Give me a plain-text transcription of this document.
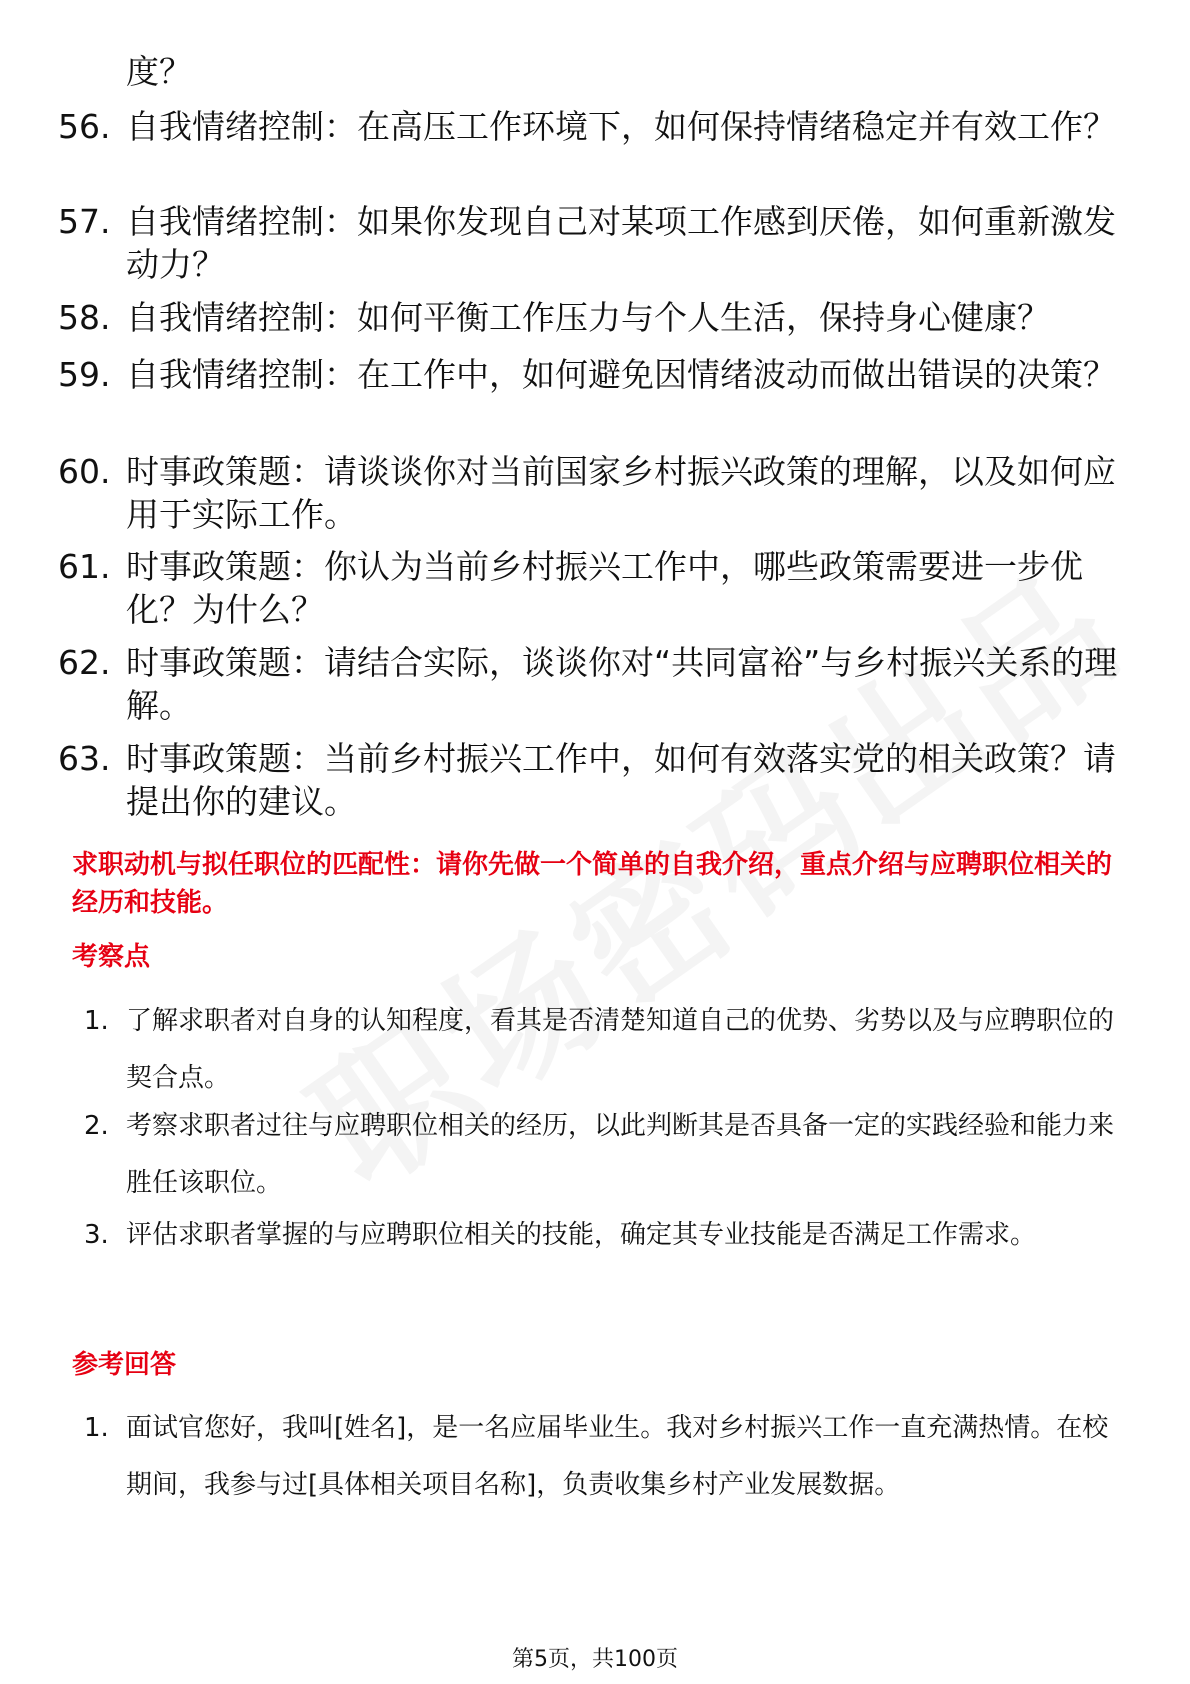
度？
56. 自我情绪控制：在高压工作环境下，如何保持情绪稳定并有效工作？
57. 自我情绪控制：如果你发现自己对某项工作感到厌倦，如何重新激发动力？
58. 自我情绪控制：如何平衡工作压力与个人生活，保持身心健康？
59. 自我情绪控制：在工作中，如何避免因情绪波动而做出错误的决策？
60. 时事政策题：请谈谈你对当前国家乡村振兴政策的理解，以及如何应用于实际工作。
61. 时事政策题：你认为当前乡村振兴工作中，哪些政策需要进一步优化？为什么？
62. 时事政策题：请结合实际，谈谈你对“共同富裕”与乡村振兴关系的理解。
63. 时事政策题：当前乡村振兴工作中，如何有效落实党的相关政策？请提出你的建议。
求职动机与拟任职位的匹配性：请你先做一个简单的自我介绍，重点介绍与应聘职位相关的经历和技能。
考察点
1. 了解求职者对自身的认知程度，看其是否清楚知道自己的优势、劣势以及与应聘职位的契合点。
2. 考察求职者过往与应聘职位相关的经历，以此判断其是否具备一定的实践经验和能力来胜任该职位。
3. 评估求职者掌握的与应聘职位相关的技能，确定其专业技能是否满足工作需求。
参考回答
1. 面试官您好，我叫[姓名]，是一名应届毕业生。我对乡村振兴工作一直充满热情。在校期间，我参与过[具体相关项目名称]，负责收集乡村产业发展数据。
第5页，共100页
